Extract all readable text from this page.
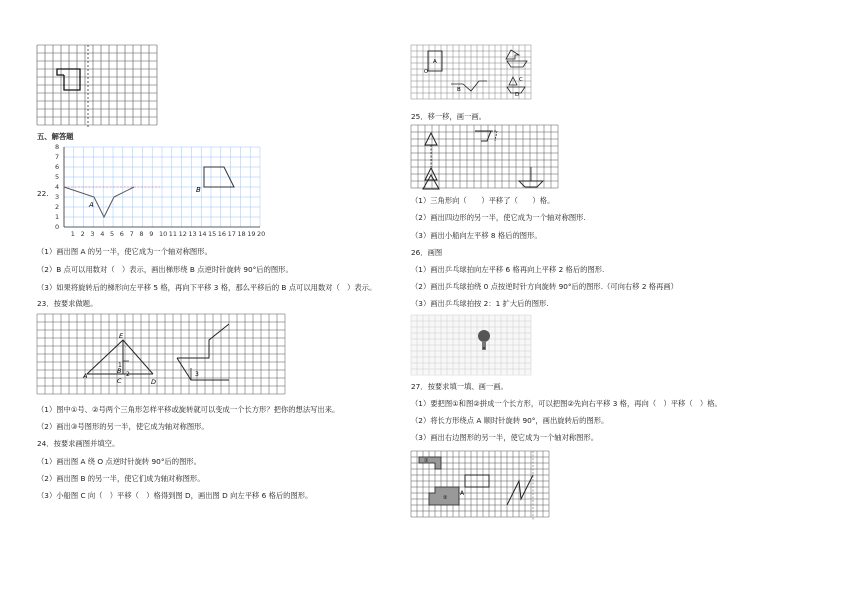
五、解答题
22.
0
1
2
3
4
5
6
7
8
1 2 3 4 5 6 7 8 9 10 11 12 13 14 15 16 17 18 19 20
A
B
（1）画出图 A 的另一半，使它成为一个轴对称图形。
（2）B 点可以用数对（　）表示，画出梯形绕 B 点逆时针旋转 90°后的图形。
（3）如果将旋转后的梯形向左平移 5 格，再向下平移 3 格，那么平移后的 B 点可以用数对（　）表示。
23．按要求做题。
E
A
B
C	D
1
2	3
（1）图中①号、②号两个三角形怎样平移或旋转就可以变成一个长方形？把你的想法写出来。
（2）画出③号图形的另一半，使它成为轴对称图形。
24．按要求画图并填空。
（1）画出图 A 绕 O 点逆时针旋转 90°后的图形。
（2）画出图 B 的另一半，使它们成为轴对称图形。
（3）小船图 C 向（　）平移（　）格得到图 D，画出图 D 向左平移 6 格后的图形。
A
O
B
C
D
25．移一移，画一画。
（1）三角形向（　　）平移了（　　）格。
（2）画出四边形的另一半，使它成为一个轴对称图形.
（3）画出小船向左平移 8 格后的图形。
26．画图
（1）画出乒乓球拍向左平移 6 格再向上平移 2 格后的图形.
（2）画出乒乓球拍绕 0 点按逆时针方向旋转 90°后的图形.（可向右移 2 格再画）
（3）画出乒乓球拍按 2：1 扩大后的图形.
27．按要求填一填、画一画。
（1）要把图①和图②拼成一个长方形，可以把图②先向右平移 3 格，再向（　）平移（　）格。
（2）将长方形绕点 A 顺时针旋转 90°，画出旋转后的图形。
（3）画出右边图形的另一半，使它成为一个轴对称图形。
①
②
A
